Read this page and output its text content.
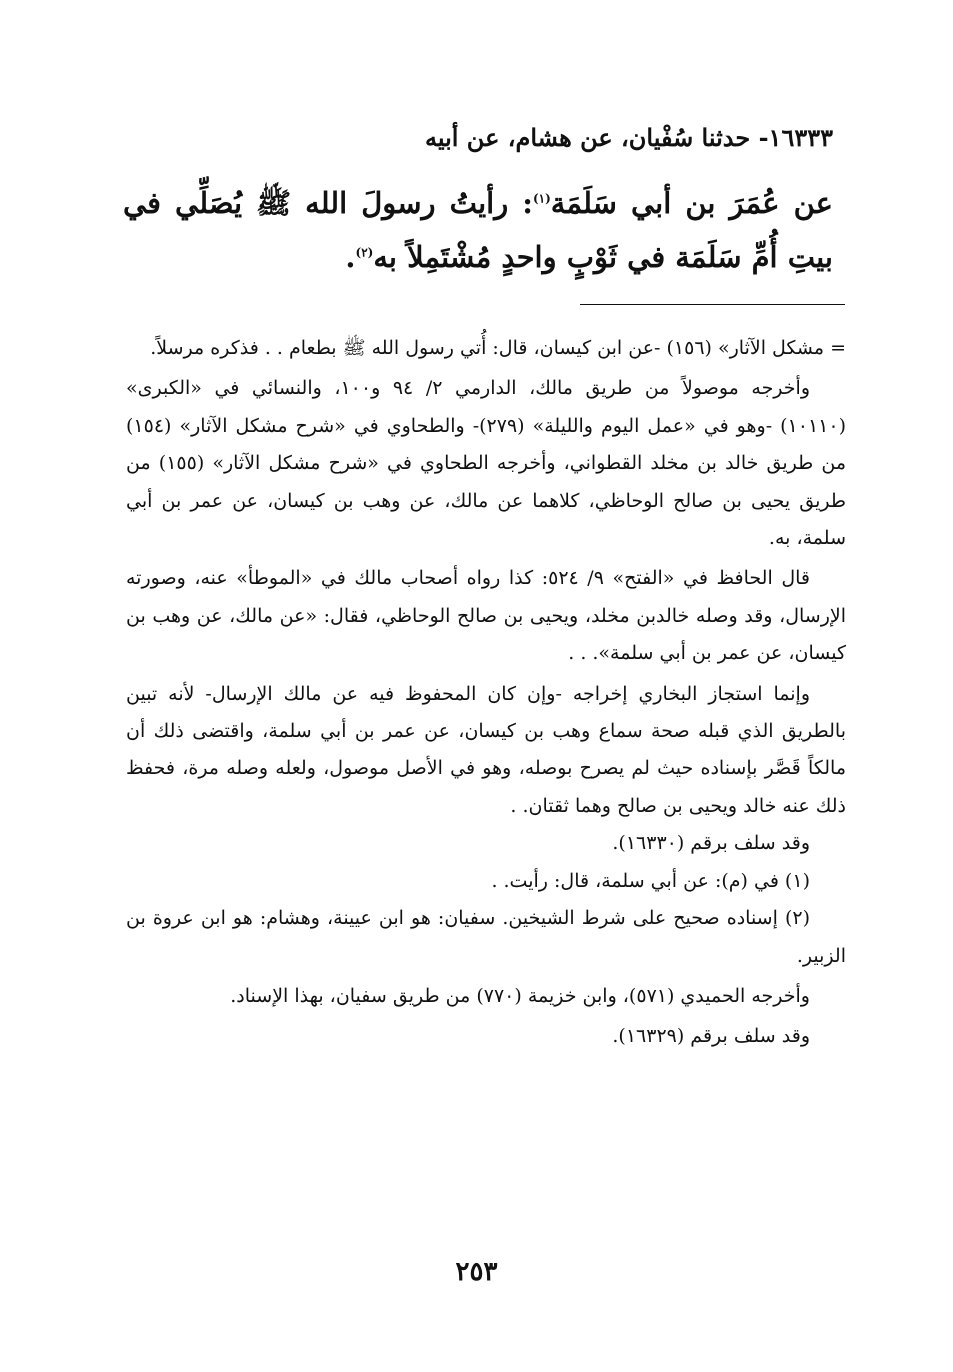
١٦٣٣٣- حدثنا سُفْيان، عن هشام، عن أبيه
عن عُمَرَ بن أبي سَلَمَة$^{(١)}$: رأيتُ رسولَ الله ﷺ يُصَلِّي في بيتِ أُمِّ سَلَمَة في ثَوْبٍ واحدٍ مُشْتَمِلاً به$^{(٢)}$.

= مشكل الآثار» (١٥٦) -عن ابن كيسان، قال: أُتي رسول الله ﷺ بطعام . . فذكره مرسلاً.

وأخرجه موصولاً من طريق مالك، الدارمي ٢/ ٩٤ و١٠٠، والنسائي في «الكبرى» (١٠١١٠) -وهو في «عمل اليوم والليلة» (٢٧٩)- والطحاوي في «شرح مشكل الآثار» (١٥٤) من طريق خالد بن مخلد القطواني، وأخرجه الطحاوي في «شرح مشكل الآثار» (١٥٥) من طريق يحيى بن صالح الوحاظي، كلاهما عن مالك، عن وهب بن كيسان، عن عمر بن أبي سلمة، به.

قال الحافظ في «الفتح» ٩/ ٥٢٤: كذا رواه أصحاب مالك في «الموطأ» عنه، وصورته الإرسال، وقد وصله خالدبن مخلد، ويحيى بن صالح الوحاظي، فقال: «عن مالك، عن وهب بن كيسان، عن عمر بن أبي سلمة». . .

وإنما استجاز البخاري إخراجه -وإن كان المحفوظ فيه عن مالك الإرسال- لأنه تبين بالطريق الذي قبله صحة سماع وهب بن كيسان، عن عمر بن أبي سلمة، واقتضى ذلك أن مالكاً قَصَّر بإسناده حيث لم يصرح بوصله، وهو في الأصل موصول، ولعله وصله مرة، فحفظ ذلك عنه خالد ويحيى بن صالح وهما ثقتان. .

وقد سلف برقم (١٦٣٣٠).

(١) في (م): عن أبي سلمة، قال: رأيت. .

(٢) إسناده صحيح على شرط الشيخين. سفيان: هو ابن عيينة، وهشام: هو ابن عروة بن الزبير.

وأخرجه الحميدي (٥٧١)، وابن خزيمة (٧٧٠) من طريق سفيان، بهذا الإسناد.

وقد سلف برقم (١٦٣٢٩).

٢٥٣
